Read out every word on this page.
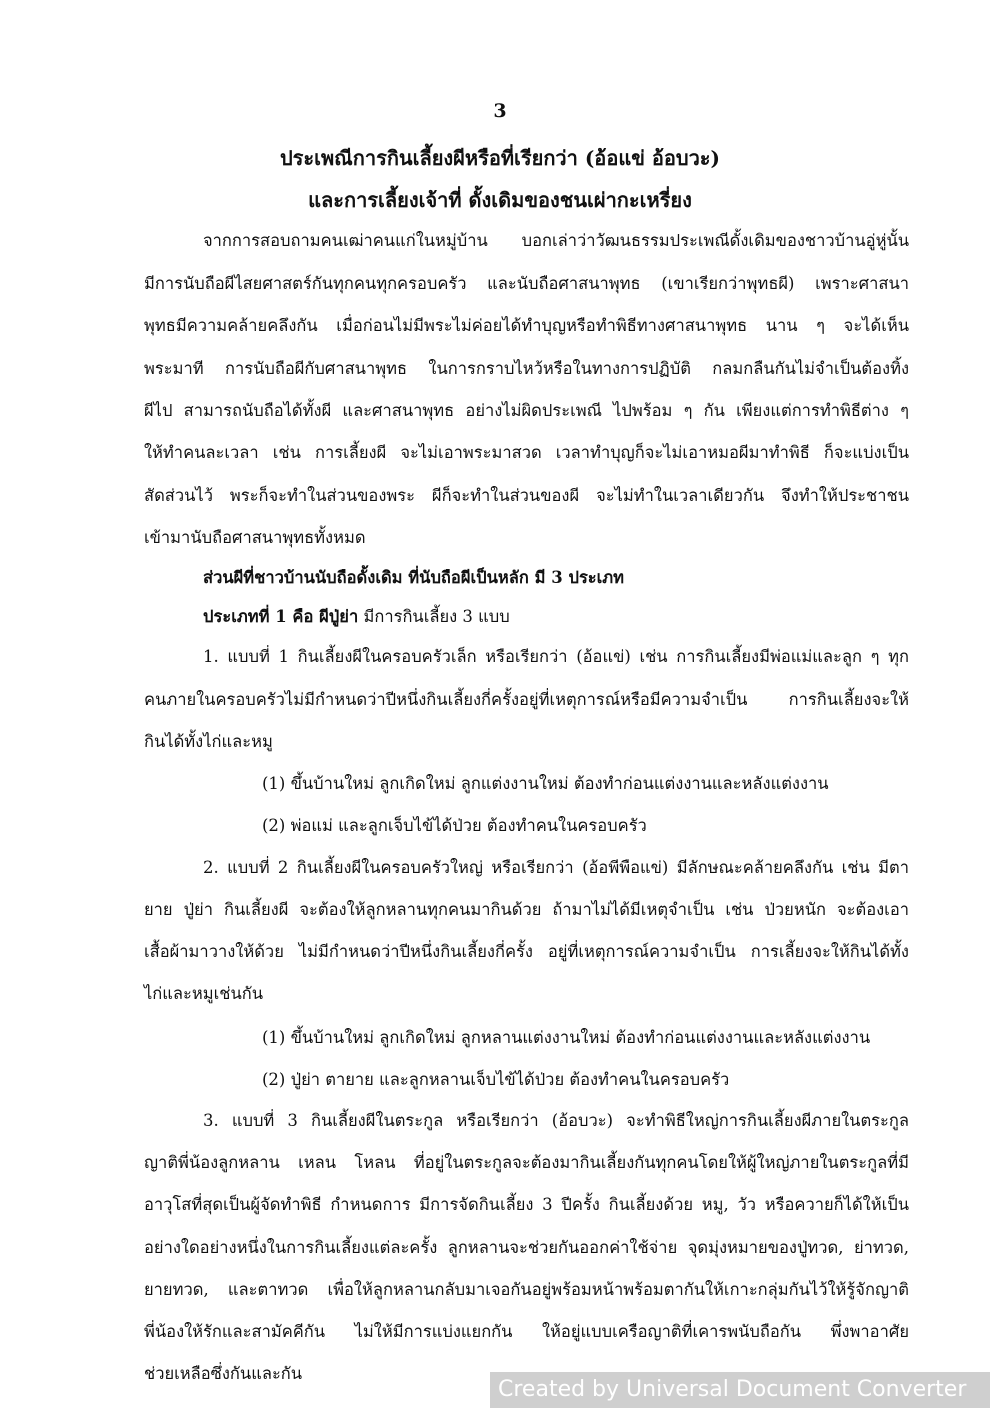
3
ประเพณีการกินเลี้ยงผีหรือที่เรียกว่า (อ้อแข่ อ้อบวะ)
และการเลี้ยงเจ้าที่ ดั้งเดิมของชนเผ่ากะเหรี่ยง
จากการสอบถามคนเฒ่าคนแก่ในหมู่บ้าน บอกเล่าว่าวัฒนธรรมประเพณีดั้งเดิมของชาวบ้านอู่หู่นั้น
มีการนับถือผีไสยศาสตร์กันทุกคนทุกครอบครัว และนับถือศาสนาพุทธ (เขาเรียกว่าพุทธผี) เพราะศาสนา
พุทธมีความคล้ายคลึงกัน เมื่อก่อนไม่มีพระไม่ค่อยได้ทำบุญหรือทำพิธีทางศาสนาพุทธ นาน ๆ จะได้เห็น
พระมาที การนับถือผีกับศาสนาพุทธ ในการกราบไหว้หรือในทางการปฏิบัติ กลมกลืนกันไม่จำเป็นต้องทิ้ง
ผีไป สามารถนับถือได้ทั้งผี และศาสนาพุทธ อย่างไม่ผิดประเพณี ไปพร้อม ๆ กัน เพียงแต่การทำพิธีต่าง ๆ
ให้ทำคนละเวลา เช่น การเลี้ยงผี จะไม่เอาพระมาสวด เวลาทำบุญก็จะไม่เอาหมอผีมาทำพิธี ก็จะแบ่งเป็น
สัดส่วนไว้ พระก็จะทำในส่วนของพระ ผีก็จะทำในส่วนของผี จะไม่ทำในเวลาเดียวกัน จึงทำให้ประชาชน
เข้ามานับถือศาสนาพุทธทั้งหมด
ส่วนผีที่ชาวบ้านนับถือดั้งเดิม ที่นับถือผีเป็นหลัก มี 3 ประเภท
ประเภทที่ 1 คือ ผีปู่ย่า มีการกินเลี้ยง 3 แบบ
1. แบบที่ 1 กินเลี้ยงผีในครอบครัวเล็ก หรือเรียกว่า (อ้อแข่) เช่น การกินเลี้ยงมีพ่อแม่และลูก ๆ ทุก
คนภายในครอบครัวไม่มีกำหนดว่าปีหนึ่งกินเลี้ยงกี่ครั้งอยู่ที่เหตุการณ์หรือมีความจำเป็น การกินเลี้ยงจะให้
กินได้ทั้งไก่และหมู
(1) ขึ้นบ้านใหม่ ลูกเกิดใหม่ ลูกแต่งงานใหม่ ต้องทำก่อนแต่งงานและหลังแต่งงาน
(2) พ่อแม่ และลูกเจ็บไข้ได้ป่วย ต้องทำคนในครอบครัว
2. แบบที่ 2 กินเลี้ยงผีในครอบครัวใหญ่ หรือเรียกว่า (อ้อพีพือแข่) มีลักษณะคล้ายคลึงกัน เช่น มีตา
ยาย ปู่ย่า กินเลี้ยงผี จะต้องให้ลูกหลานทุกคนมากินด้วย ถ้ามาไม่ได้มีเหตุจำเป็น เช่น ป่วยหนัก จะต้องเอา
เสื้อผ้ามาวางให้ด้วย ไม่มีกำหนดว่าปีหนึ่งกินเลี้ยงกี่ครั้ง อยู่ที่เหตุการณ์ความจำเป็น การเลี้ยงจะให้กินได้ทั้ง
ไก่และหมูเช่นกัน
(1) ขึ้นบ้านใหม่ ลูกเกิดใหม่ ลูกหลานแต่งงานใหม่ ต้องทำก่อนแต่งงานและหลังแต่งงาน
(2) ปู่ย่า ตายาย และลูกหลานเจ็บไข้ได้ป่วย ต้องทำคนในครอบครัว
3. แบบที่ 3 กินเลี้ยงผีในตระกูล หรือเรียกว่า (อ้อบวะ) จะทำพิธีใหญ่การกินเลี้ยงผีภายในตระกูล
ญาติพี่น้องลูกหลาน เหลน โหลน ที่อยู่ในตระกูลจะต้องมากินเลี้ยงกันทุกคนโดยให้ผู้ใหญ่ภายในตระกูลที่มี
อาวุโสที่สุดเป็นผู้จัดทำพิธี กำหนดการ มีการจัดกินเลี้ยง 3 ปีครั้ง กินเลี้ยงด้วย หมู, วัว หรือควายก็ได้ให้เป็น
อย่างใดอย่างหนึ่งในการกินเลี้ยงแต่ละครั้ง ลูกหลานจะช่วยกันออกค่าใช้จ่าย จุดมุ่งหมายของปู่ทวด, ย่าทวด,
ยายทวด, และตาทวด เพื่อให้ลูกหลานกลับมาเจอกันอยู่พร้อมหน้าพร้อมตากันให้เกาะกลุ่มกันไว้ให้รู้จักญาติ
พี่น้องให้รักและสามัคคีกัน ไม่ให้มีการแบ่งแยกกัน ให้อยู่แบบเครือญาติที่เคารพนับถือกัน พึ่งพาอาศัย
ช่วยเหลือซึ่งกันและกัน
Created by Universal Document Converter
